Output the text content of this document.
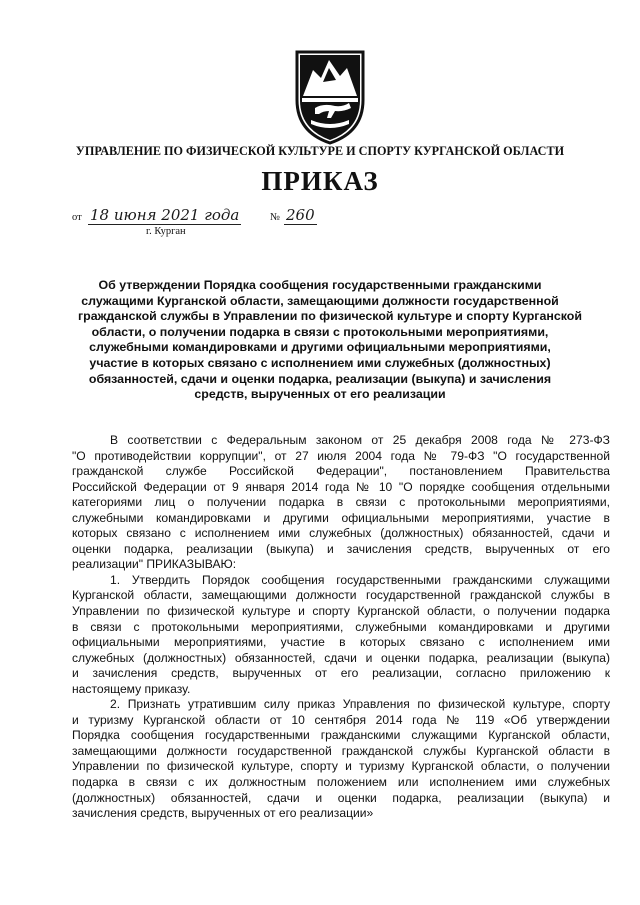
УПРАВЛЕНИЕ ПО ФИЗИЧЕСКОЙ КУЛЬТУРЕ И СПОРТУ КУРГАНСКОЙ ОБЛАСТИ
ПРИКАЗ
от 18 июня 2021 года	№ 260
г. Курган
Об утверждении Порядка сообщения государственными гражданскими
служащими Курганской области, замещающими должности государственной
гражданской службы в Управлении по физической культуре и спорту Курганской
области, о получении подарка в связи с протокольными мероприятиями,
служебными командировками и другими официальными мероприятиями,
участие в которых связано с исполнением ими служебных (должностных)
обязанностей, сдачи и оценки подарка, реализации (выкупа) и зачисления
средств, вырученных от его реализации
В соответствии с Федеральным законом от 25 декабря 2008 года № 273-ФЗ
"О противодействии коррупции", от 27 июля 2004 года № 79-ФЗ "О государственной
гражданской службе Российской Федерации", постановлением Правительства
Российской Федерации от 9 января 2014 года № 10 "О порядке сообщения отдельными
категориями лиц о получении подарка в связи с протокольными мероприятиями,
служебными командировками и другими официальными мероприятиями, участие в
которых связано с исполнением ими служебных (должностных) обязанностей, сдачи и
оценки подарка, реализации (выкупа) и зачисления средств, вырученных от его
реализации" ПРИКАЗЫВАЮ:
1. Утвердить Порядок сообщения государственными гражданскими служащими
Курганской области, замещающими должности государственной гражданской службы в
Управлении по физической культуре и спорту Курганской области, о получении подарка
в связи с протокольными мероприятиями, служебными командировками и другими
официальными мероприятиями, участие в которых связано с исполнением ими
служебных (должностных) обязанностей, сдачи и оценки подарка, реализации (выкупа)
и зачисления средств, вырученных от его реализации, согласно приложению к
настоящему приказу.
2. Признать утратившим силу приказ Управления по физической культуре, спорту
и туризму Курганской области от 10 сентября 2014 года № 119 «Об утверждении
Порядка сообщения государственными гражданскими служащими Курганской области,
замещающими должности государственной гражданской службы Курганской области в
Управлении по физической культуре, спорту и туризму Курганской области, о получении
подарка в связи с их должностным положением или исполнением ими служебных
(должностных) обязанностей, сдачи и оценки подарка, реализации (выкупа) и
зачисления средств, вырученных от его реализации»
